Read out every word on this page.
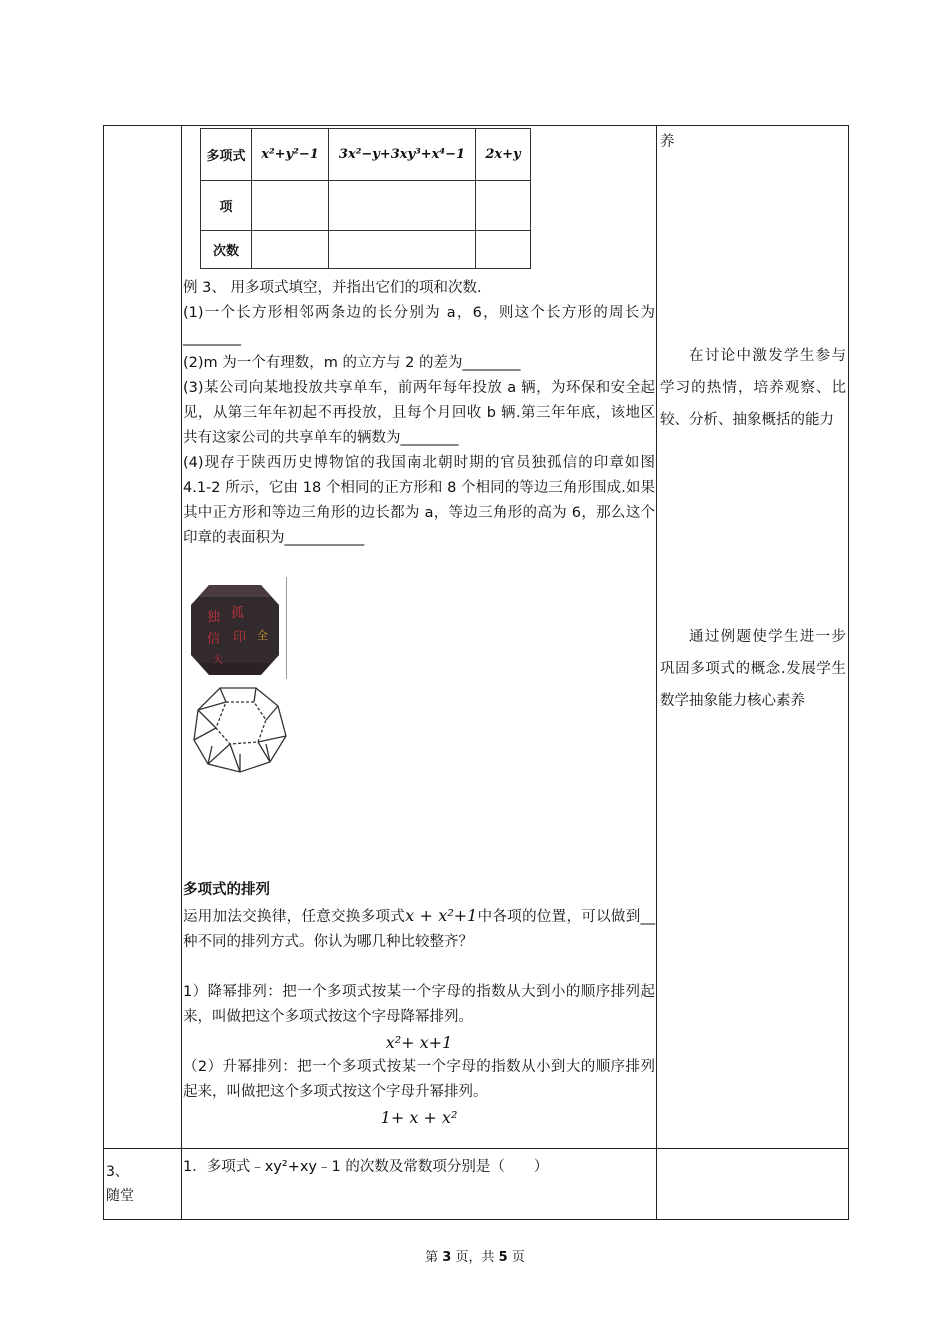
多项式	x²+y²−1	3x²−y+3xy³+x⁴−1	2x+y
项			
次数			

例 3、 用多项式填空，并指出它们的项和次数.

(1)一个长方形相邻两条边的长分别为 a，6，则这个长方形的周长为________

(2)m 为一个有理数，m 的立方与 2 的差为________

(3)某公司向某地投放共享单车，前两年每年投放 a 辆，为环保和安全起见，从第三年年初起不再投放，且每个月回收 b 辆.第三年年底，该地区共有这家公司的共享单车的辆数为________

(4)现存于陕西历史博物馆的我国南北朝时期的官员独孤信的印章如图 4.1-2 所示，它由 18 个相同的正方形和 8 个相同的等边三角形围成.如果其中正方形和等边三角形的边长都为 a，等边三角形的高为 6，那么这个印章的表面积为___________

独 孤
信 印 全
大

多项式的排列

运用加法交换律，任意交换多项式x + x²+1中各项的位置，可以做到__种不同的排列方式。你认为哪几种比较整齐？

1）降幂排列：把一个多项式按某一个字母的指数从大到小的顺序排列起来，叫做把这个多项式按这个字母降幂排列。

x²+ x+1

（2）升幂排列：把一个多项式按某一个字母的指数从小到大的顺序排列起来，叫做把这个多项式按这个字母升幂排列。

1+ x + x²

3、
随堂
1．多项式﹣xy²+xy﹣1 的次数及常数项分别是（　　）
养

在讨论中激发学生参与学习的热情，培养观察、比较、分析、抽象概括的能力

通过例题使学生进一步巩固多项式的概念.发展学生数学抽象能力核心素养

第 3 页，共 5 页
